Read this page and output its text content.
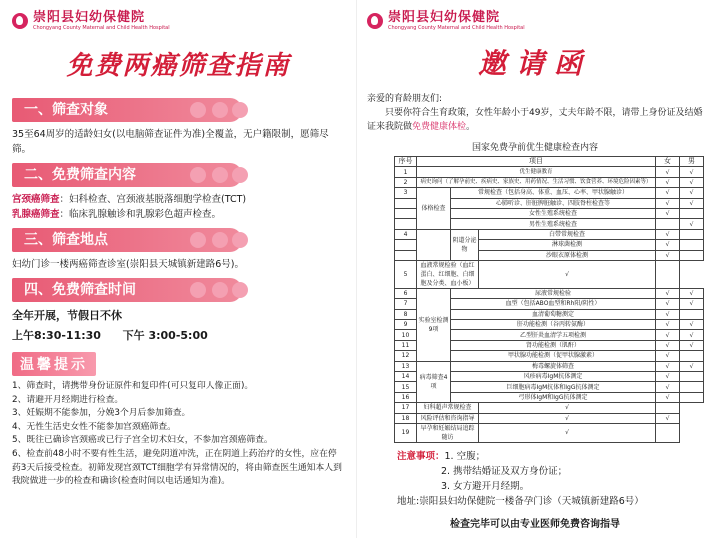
崇阳县妇幼保健院
Chongyang County Maternal and Child Health Hospital
免费两癌筛查指南
一、筛查对象
35至64周岁的适龄妇女(以电脑筛查证件为准)全覆盖，无户籍限制，愿筛尽筛。
二、免费筛查内容
宫颈癌筛查：妇科检查、宫颈液基脱落细胞学检查(TCT)
乳腺癌筛查：临床乳腺触诊和乳腺彩色超声检查。
三、筛查地点
妇幼门诊一楼两癌筛查诊室(崇阳县天城镇新建路6号)。
四、免费筛查时间
全年开展，节假日不休
上午8:30-11:30 下午 3:00-5:00
温馨提示
1、筛查时，请携带身份证原件和复印件(可只复印人像正面)。
2、请避开月经期进行检查。
3、妊娠期不能参加，分娩3个月后参加筛查。
4、无性生活史女性不能参加宫颈癌筛查。
5、既往已确诊宫颈癌或已行子宫全切术妇女，不参加宫颈癌筛查。
6、检查前48小时不要有性生活，避免阴道冲洗，正在阴道上药治疗的女性，应在停药3天后接受检查。初筛发现宫颈TCT细胞学有异常情况的，将由筛查医生通知本人到我院做进一步的检查和确诊(检查时间以电话通知为准)。
崇阳县妇幼保健院
Chongyang County Maternal and Child Health Hospital
邀请函
亲爱的育龄朋友们:
只要你符合生育政策，女性年龄小于49岁，丈夫年龄不限，请带上身份证及结婚证来我院做免费健康体检。
国家免费孕前优生健康检查内容
序号	项目			女	男
1	优生健康教育			√	√
2	病史询问（了解孕前史、疾病史、家族史、用药情况、生活习惯、饮食营养、环境危险因素等）			√	√
3	体格检查	常规检查（包括身高、体重、血压、心率、甲状腺触诊）		√	√
		心肺听诊、肝脏脾脏触诊、四肢脊柱检查等		√	√
		女性生殖系统检查		√	
		男性生殖系统检查			√
4		阴道分泌物	白带常规检查	√	
			淋球菌检测	√	
			沙眼衣原体检测	√	
5	血液常规检验（血红蛋白、红细胞、白细胞及分类、血小板）		√		
6	实验室检测9项	尿液常规检验		√	√
7		血型（包括ABO血型和Rh阳/阴性）		√	√
8		血清葡萄糖测定		√	
9		肝功能检测（谷丙转氨酶）		√	√
10		乙型肝炎血清学五项检测		√	√
11		肾功能检测（肌酐）		√	√
12		甲状腺功能检测（促甲状腺激素）		√	
13	病毒筛查4项	梅毒螺旋体筛查		√	√
14		风疹病毒IgM抗体测定		√	
15		巨细胞病毒IgM抗体和IgG抗体测定		√	
16		弓形体IgM和IgG抗体测定		√	
17	妇科超声常规检查		√		
18	风险评估和咨询指导		√	√	
19	早孕和妊娠结局追踪随访		√		
注意事项：1. 空腹；
2. 携带结婚证及双方身份证；
3. 女方避开月经期。
地址:崇阳县妇幼保健院一楼备孕门诊（天城镇新建路6号）
检查完毕可以由专业医师免费咨询指导
